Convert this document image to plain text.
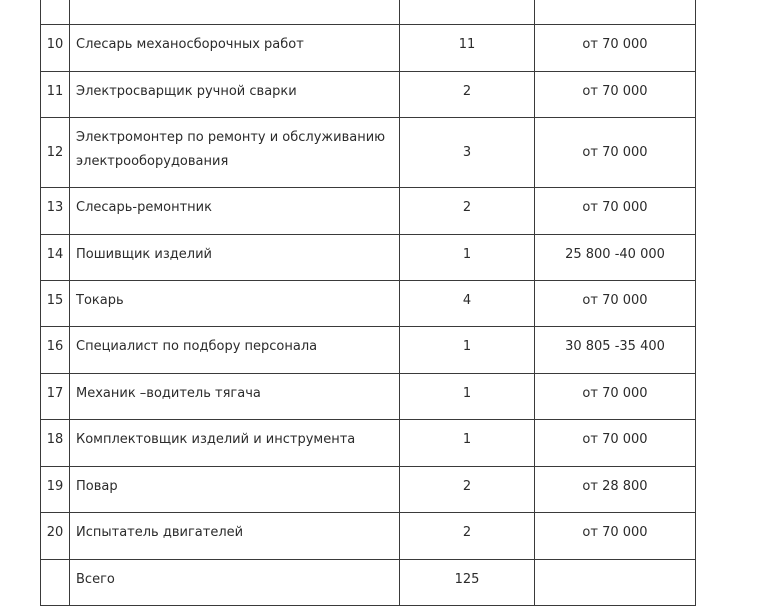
10	Слесарь механосборочных работ	11	от 70 000
11	Электросварщик ручной сварки	2	от 70 000
12	Электромонтер по ремонту и обслуживанию электрооборудования	3	от 70 000
13	Слесарь-ремонтник	2	от 70 000
14	Пошивщик изделий	1	25 800 -40 000
15	Токарь	4	от 70 000
16	Специалист по подбору персонала	1	30 805 -35 400
17	Механик –водитель тягача	1	от 70 000
18	Комплектовщик изделий и инструмента	1	от 70 000
19	Повар	2	от 28 800
20	Испытатель двигателей	2	от 70 000
	Всего	125	
